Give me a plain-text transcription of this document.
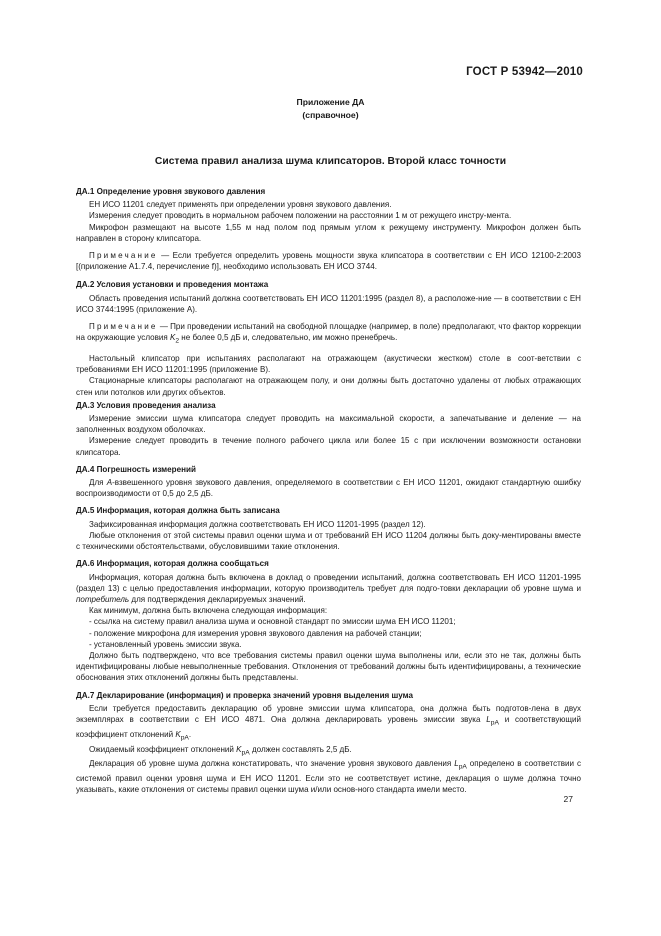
ГОСТ Р 53942—2010
Приложение ДА
(справочное)
Система правил анализа шума клипсаторов. Второй класс точности
ДА.1 Определение уровня звукового давления

ЕН ИСО 11201 следует применять при определении уровня звукового давления.

Измерения следует проводить в нормальном рабочем положении на расстоянии 1 м от режущего инстру-мента.

Микрофон размещают на высоте 1,55 м над полом под прямым углом к режущему инструменту. Микрофон должен быть направлен в сторону клипсатора.

Примечание — Если требуется определить уровень мощности звука клипсатора в соответствии с ЕН ИСО 12100-2:2003 [(приложение А1.7.4, перечисление f)], необходимо использовать ЕН ИСО 3744.

ДА.2 Условия установки и проведения монтажа

Область проведения испытаний должна соответствовать ЕН ИСО 11201:1995 (раздел 8), а расположе-ние — в соответствии с ЕН ИСО 3744:1995 (приложение А).

Примечание — При проведении испытаний на свободной площадке (например, в поле) предполагают, что фактор коррекции на окружающие условия $K_2$ не более 0,5 дБ и, следовательно, им можно пренебречь.

Настольный клипсатор при испытаниях располагают на отражающем (акустически жестком) столе в соот-ветствии с требованиями ЕН ИСО 11201:1995 (приложение В).

Стационарные клипсаторы располагают на отражающем полу, и они должны быть достаточно удалены от любых отражающих стен или потолков или других объектов.

ДА.3 Условия проведения анализа

Измерение эмиссии шума клипсатора следует проводить на максимальной скорости, а запечатывание и деление — на заполненных воздухом оболочках.

Измерение следует проводить в течение полного рабочего цикла или более 15 с при исключении возможности остановки клипсатора.

ДА.4 Погрешность измерений

Для А-взвешенного уровня звукового давления, определяемого в соответствии с ЕН ИСО 11201, ожидают стандартную ошибку воспроизводимости от 0,5 до 2,5 дБ.

ДА.5 Информация, которая должна быть записана

Зафиксированная информация должна соответствовать ЕН ИСО 11201-1995 (раздел 12).

Любые отклонения от этой системы правил оценки шума и от требований ЕН ИСО 11204 должны быть доку-ментированы вместе с техническими обстоятельствами, обусловившими такие отклонения.

ДА.6 Информация, которая должна сообщаться

Информация, которая должна быть включена в доклад о проведении испытаний, должна соответствовать ЕН ИСО 11201-1995 (раздел 13) с целью предоставления информации, которую производитель требует для подго-товки декларации об уровне шума и потребитель для подтверждения декларируемых значений.

Как минимум, должна быть включена следующая информация:

- ссылка на систему правил анализа шума и основной стандарт по эмиссии шума ЕН ИСО 11201;

- положение микрофона для измерения уровня звукового давления на рабочей станции;

- установленный уровень эмиссии звука.

Должно быть подтверждено, что все требования системы правил оценки шума выполнены или, если это не так, должны быть идентифицированы любые невыполненные требования. Отклонения от требований должны быть идентифицированы, а технические обоснования этих отклонений должны быть представлены.

ДА.7 Декларирование (информация) и проверка значений уровня выделения шума

Если требуется предоставить декларацию об уровне эмиссии шума клипсатора, она должна быть подготов-лена в двух экземплярах в соответствии с ЕН ИСО 4871. Она должна декларировать уровень эмиссии звука $L_{pA}$ и соответствующий коэффициент отклонений $K_{pA}$.

Ожидаемый коэффициент отклонений $K_{pA}$ должен составлять 2,5 дБ.

Декларация об уровне шума должна констатировать, что значение уровня звукового давления $L_{pA}$ определено в соответствии с системой правил оценки уровня шума и ЕН ИСО 11201. Если это не соответствует истине, декларация о шуме должна точно указывать, какие отклонения от системы правил оценки шума и/или основ-ного стандарта имели место.

27
